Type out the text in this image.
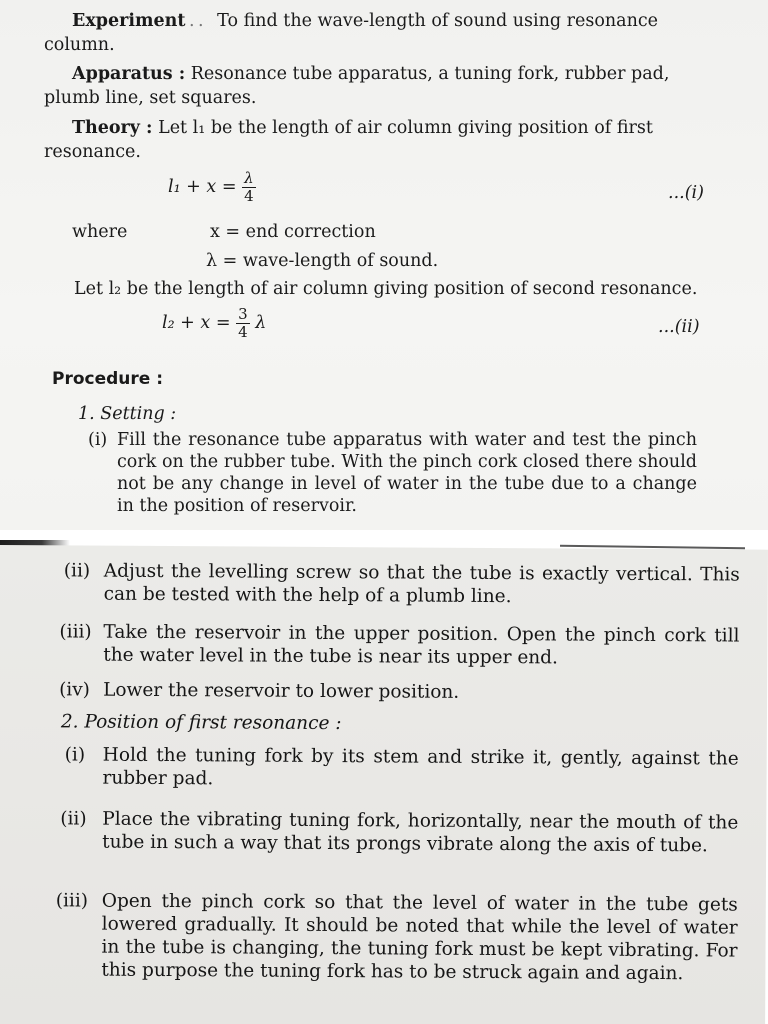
Experiment . . To find the wave-length of sound using resonance
column.
Apparatus : Resonance tube apparatus, a tuning fork, rubber pad,
plumb line, set squares.
Theory : Let l₁ be the length of air column giving position of first
resonance.
$l_1 + x = \frac{\lambda}{4}$	...(i)
where	x = end correction
λ = wave-length of sound.
Let l₂ be the length of air column giving position of second resonance.
$l_2 + x = \frac{3}{4}$ λ	...(ii)
Procedure :
1. Setting :
(i) Fill the resonance tube apparatus with water and test the pinch cork on the rubber tube. With the pinch cork closed there should not be any change in level of water in the tube due to a change in the position of reservoir.
(ii) Adjust the levelling screw so that the tube is exactly vertical. This can be tested with the help of a plumb line.
(iii) Take the reservoir in the upper position. Open the pinch cork till the water level in the tube is near its upper end.
(iv) Lower the reservoir to lower position.
2. Position of first resonance :
(i) Hold the tuning fork by its stem and strike it, gently, against the rubber pad.
(ii) Place the vibrating tuning fork, horizontally, near the mouth of the tube in such a way that its prongs vibrate along the axis of tube.
(iii) Open the pinch cork so that the level of water in the tube gets lowered gradually. It should be noted that while the level of water in the tube is changing, the tuning fork must be kept vibrating. For this purpose the tuning fork has to be struck again and again.
